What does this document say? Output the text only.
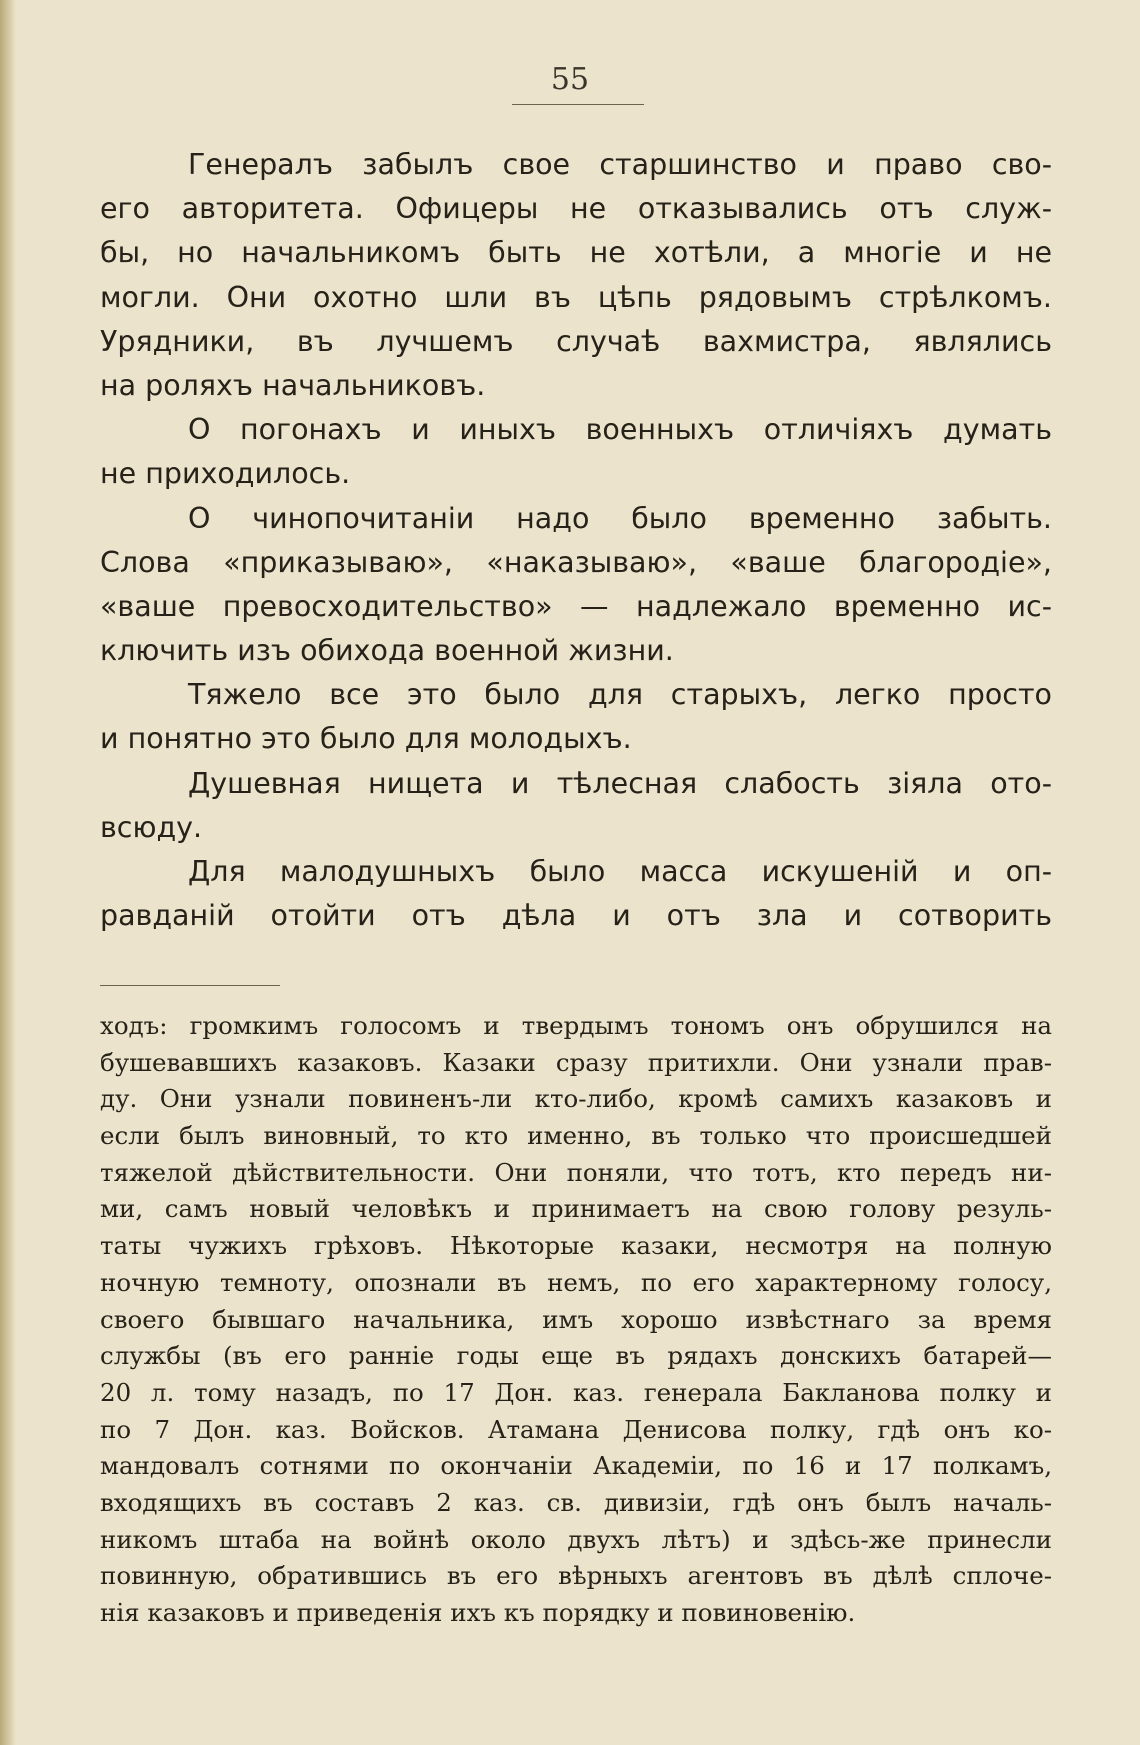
55
Генералъ забылъ свое старшинство и право сво-
его авторитета. Офицеры не отказывались отъ служ-
бы, но начальникомъ быть не хотѣли, а многіе и не
могли. Они охотно шли въ цѣпь рядовымъ стрѣлкомъ.
Урядники, въ лучшемъ случаѣ вахмистра, являлись
на роляхъ начальниковъ.
О погонахъ и иныхъ военныхъ отличіяхъ думать
не приходилось.
О чинопочитаніи надо было временно забыть.
Слова «приказываю», «наказываю», «ваше благородіе»,
«ваше превосходительство» — надлежало временно ис-
ключить изъ обихода военной жизни.
Тяжело все это было для старыхъ, легко просто
и понятно это было для молодыхъ.
Душевная нищета и тѣлесная слабость зіяла ото-
всюду.
Для малодушныхъ было масса искушеній и оп-
равданій отойти отъ дѣла и отъ зла и сотворить
ходъ: громкимъ голосомъ и твердымъ тономъ онъ обрушился на
бушевавшихъ казаковъ. Казаки сразу притихли. Они узнали прав-
ду. Они узнали повиненъ-ли кто-либо, кромѣ самихъ казаковъ и
если былъ виновный, то кто именно, въ только что происшедшей
тяжелой дѣйствительности. Они поняли, что тотъ, кто передъ ни-
ми, самъ новый человѣкъ и принимаетъ на свою голову резуль-
таты чужихъ грѣховъ. Нѣкоторые казаки, несмотря на полную
ночную темноту, опознали въ немъ, по его характерному голосу,
своего бывшаго начальника, имъ хорошо извѣстнаго за время
службы (въ его ранніе годы еще въ рядахъ донскихъ батарей—
20 л. тому назадъ, по 17 Дон. каз. генерала Бакланова полку и
по 7 Дон. каз. Войсков. Атамана Денисова полку, гдѣ онъ ко-
мандовалъ сотнями по окончаніи Академіи, по 16 и 17 полкамъ,
входящихъ въ составъ 2 каз. св. дивизіи, гдѣ онъ былъ началь-
никомъ штаба на войнѣ около двухъ лѣтъ) и здѣсь-же принесли
повинную, обратившись въ его вѣрныхъ агентовъ въ дѣлѣ сплоче-
нія казаковъ и приведенія ихъ къ порядку и повиновенію.
